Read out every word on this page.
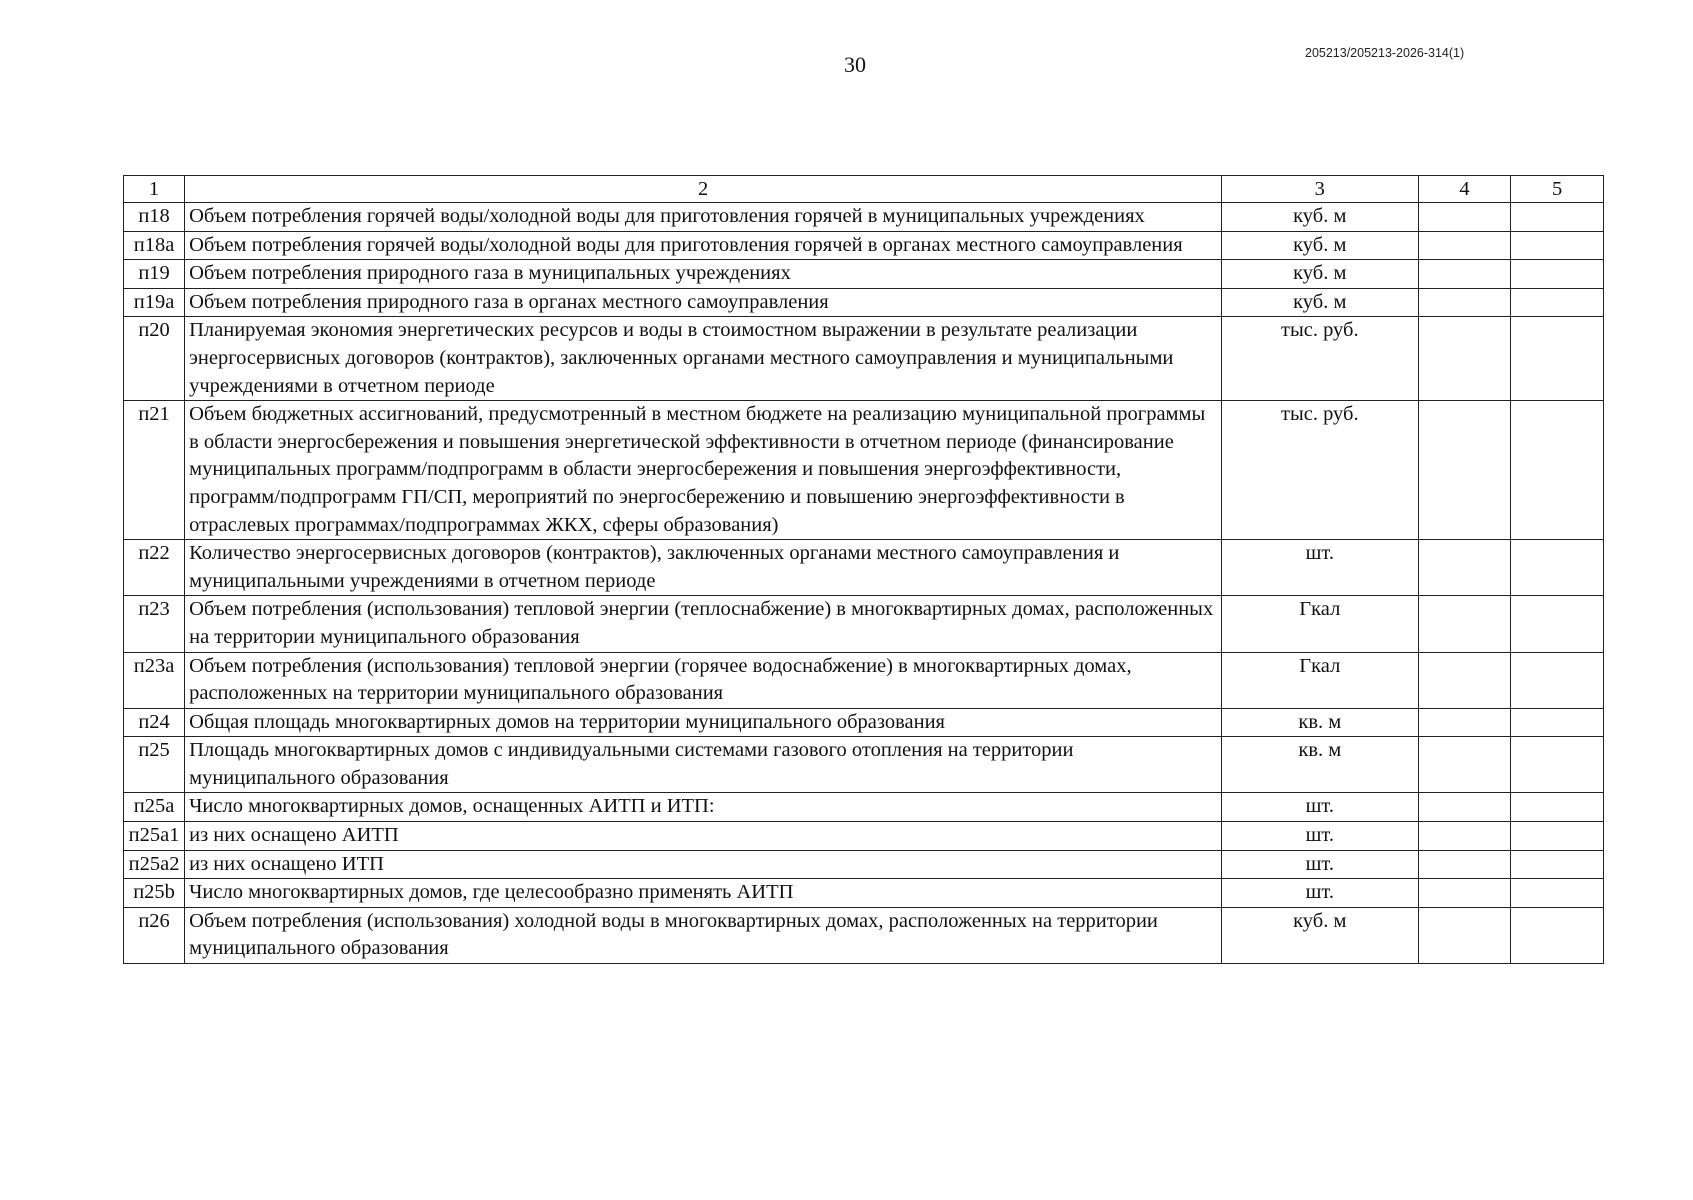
30	205213/205213-2026-314(1)
1	2	3	4	5
п18	Объем потребления горячей воды/холодной воды для приготовления горячей в муниципальных учреждениях	куб. м		
п18а	Объем потребления горячей воды/холодной воды для приготовления горячей в органах местного самоуправления	куб. м		
п19	Объем потребления природного газа в муниципальных учреждениях	куб. м		
п19а	Объем потребления природного газа в органах местного самоуправления	куб. м		
п20	Планируемая экономия энергетических ресурсов и воды в стоимостном выражении в результате реализации энергосервисных договоров (контрактов), заключенных органами местного самоуправления и муниципальными учреждениями в отчетном периоде	тыс. руб.		
п21	Объем бюджетных ассигнований, предусмотренный в местном бюджете на реализацию муниципальной программы в области энергосбережения и повышения энергетической эффективности в отчетном периоде (финансирование муниципальных программ/подпрограмм в области энергосбережения и повышения энергоэффективности, программ/подпрограмм ГП/СП, мероприятий по энергосбережению и повышению энергоэффективности в отраслевых программах/подпрограммах ЖКХ, сферы образования)	тыс. руб.		
п22	Количество энергосервисных договоров (контрактов), заключенных органами местного самоуправления и муниципальными учреждениями в отчетном периоде	шт.		
п23	Объем потребления (использования) тепловой энергии (теплоснабжение) в многоквартирных домах, расположенных на территории муниципального образования	Гкал		
п23а	Объем потребления (использования) тепловой энергии (горячее водоснабжение) в многоквартирных домах, расположенных на территории муниципального образования	Гкал		
п24	Общая площадь многоквартирных домов на территории муниципального образования	кв. м		
п25	Площадь многоквартирных домов с индивидуальными системами газового отопления на территории муниципального образования	кв. м		
п25а	Число многоквартирных домов, оснащенных АИТП и ИТП:	шт.		
п25а1	из них оснащено АИТП	шт.		
п25а2	из них оснащено ИТП	шт.		
п25b	Число многоквартирных домов, где целесообразно применять АИТП	шт.		
п26	Объем потребления (использования) холодной воды в многоквартирных домах, расположенных на территории муниципального образования	куб. м		
